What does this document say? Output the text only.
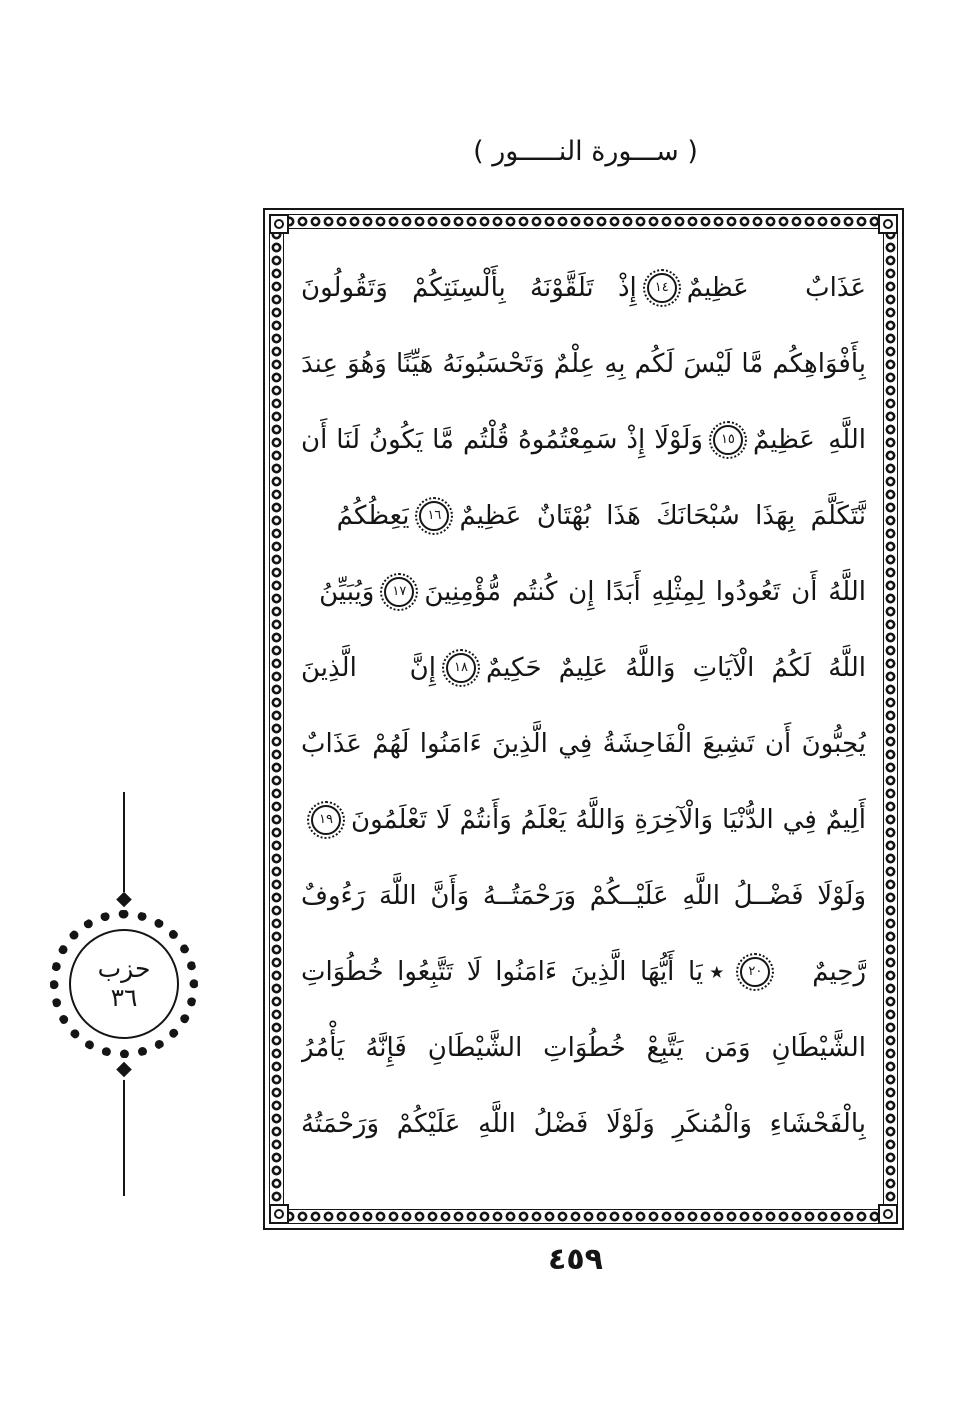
( ســـورة النـــــور )
عَذَابٌ عَظِيمٌ
١٤
إِذْ تَلَقَّوْنَهُ بِأَلْسِنَتِكُمْ وَتَقُولُونَ
بِأَفْوَاهِكُم مَّا لَيْسَ لَكُم بِهِ عِلْمٌ وَتَحْسَبُونَهُ هَيِّنًا وَهُوَ عِندَ
اللَّهِ عَظِيمٌ
١٥
وَلَوْلَا إِذْ سَمِعْتُمُوهُ قُلْتُم مَّا يَكُونُ لَنَا أَن
نَّتَكَلَّمَ بِهَذَا سُبْحَانَكَ هَذَا بُهْتَانٌ عَظِيمٌ
١٦
يَعِظُكُمُ
اللَّهُ أَن تَعُودُوا لِمِثْلِهِ أَبَدًا إِن كُنتُم مُّؤْمِنِينَ
١٧
وَيُبَيِّنُ
اللَّهُ لَكُمُ الْآيَاتِ وَاللَّهُ عَلِيمٌ حَكِيمٌ
١٨
إِنَّ الَّذِينَ
يُحِبُّونَ أَن تَشِيعَ الْفَاحِشَةُ فِي الَّذِينَ ءَامَنُوا لَهُمْ عَذَابٌ
أَلِيمٌ فِي الدُّنْيَا وَالْآخِرَةِ وَاللَّهُ يَعْلَمُ وَأَنتُمْ لَا تَعْلَمُونَ
١٩
وَلَوْلَا فَضْــلُ اللَّهِ عَلَيْــكُمْ وَرَحْمَتُــهُ وَأَنَّ اللَّهَ رَءُوفٌ
رَّحِيمٌ
٢٠
٭
يَا أَيُّهَا الَّذِينَ ءَامَنُوا لَا تَتَّبِعُوا خُطُوَاتِ
الشَّيْطَانِ وَمَن يَتَّبِعْ خُطُوَاتِ الشَّيْطَانِ فَإِنَّهُ يَأْمُرُ
بِالْفَحْشَاءِ وَالْمُنكَرِ وَلَوْلَا فَضْلُ اللَّهِ عَلَيْكُمْ وَرَحْمَتُهُ
حزب
٣٦
٤٥٩
